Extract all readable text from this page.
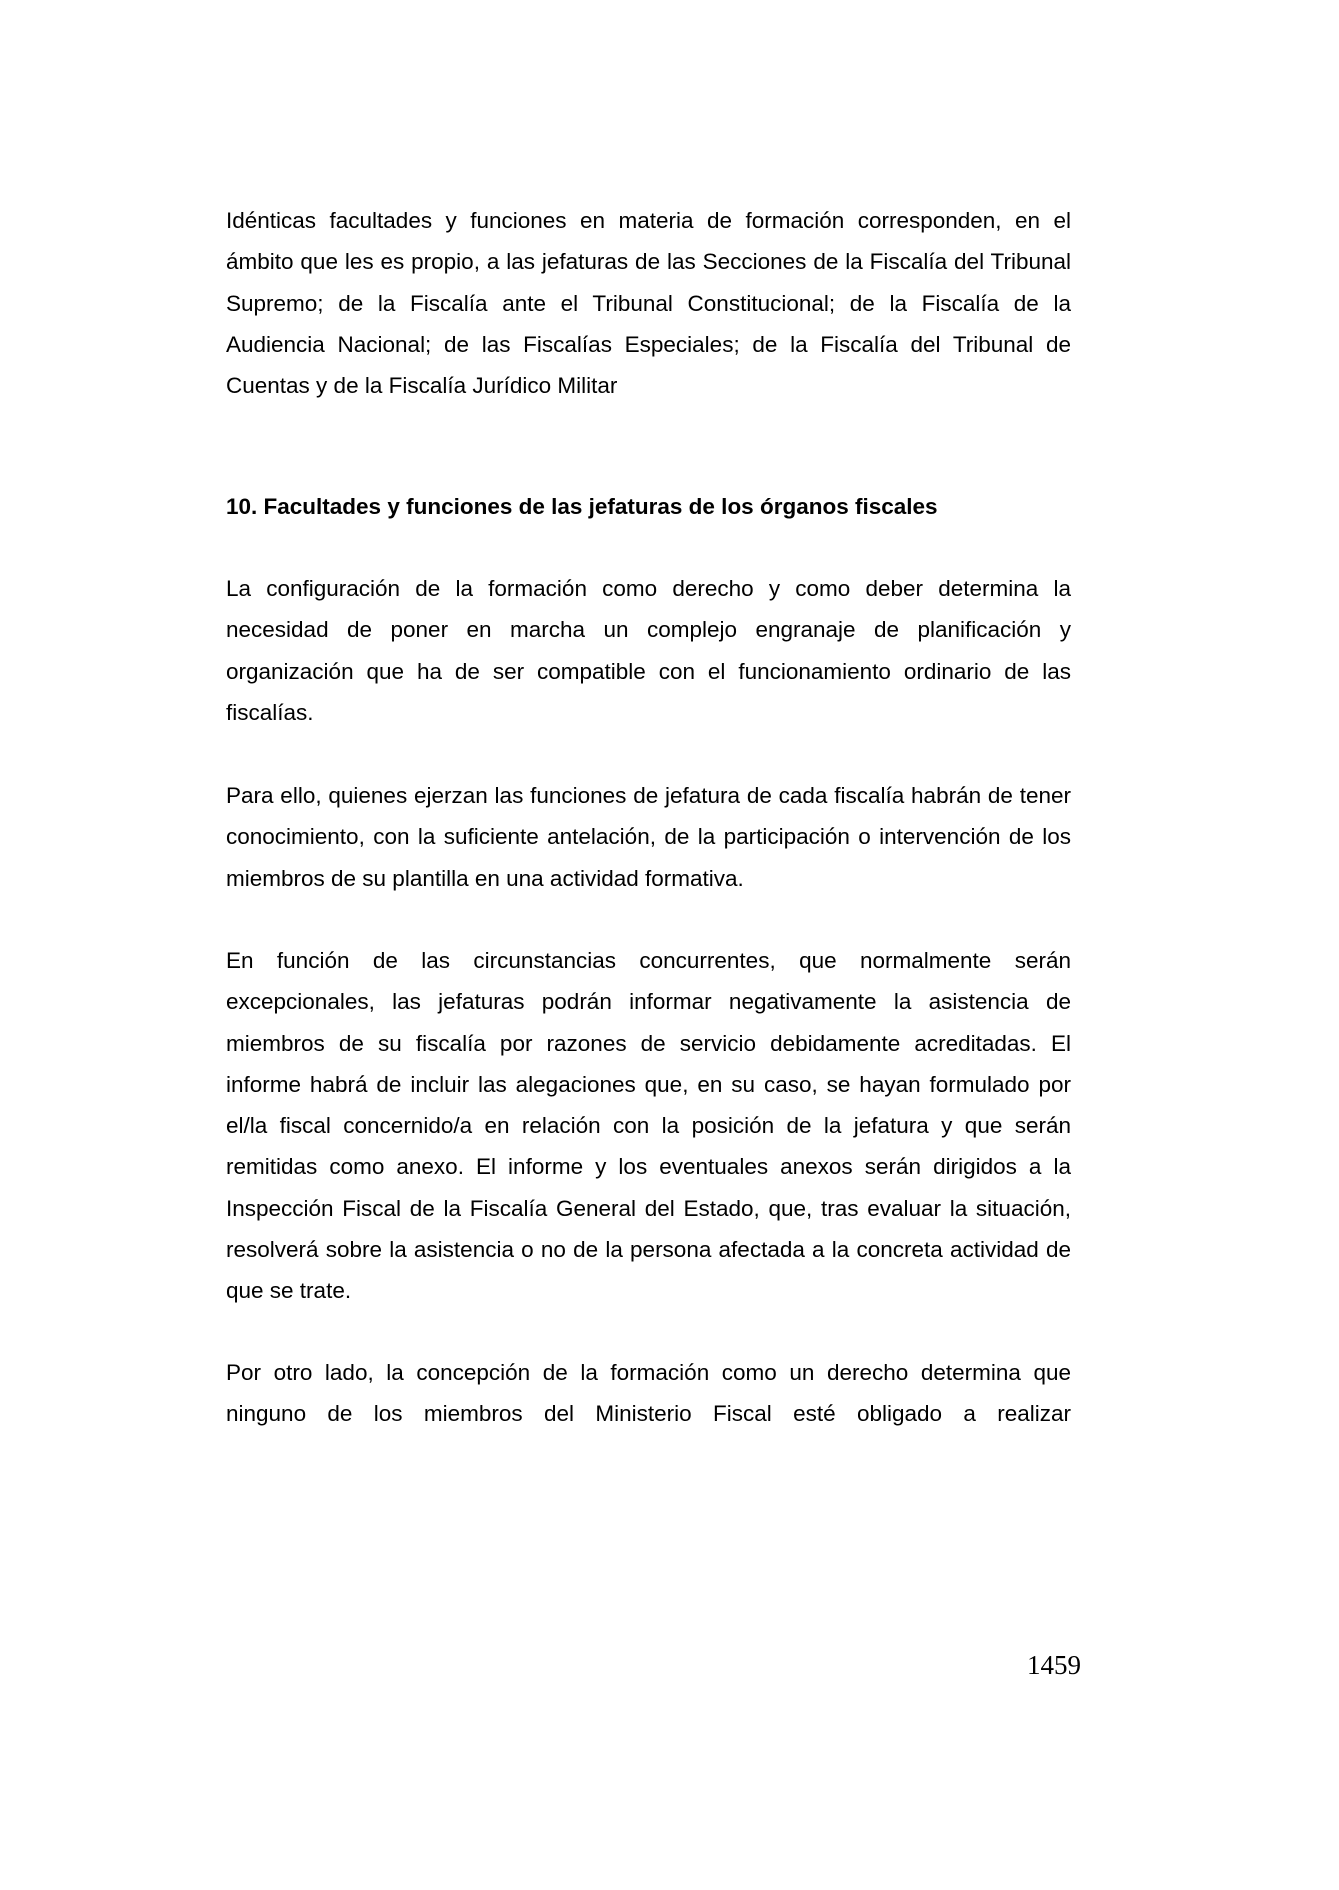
Idénticas facultades y funciones en materia de formación corresponden, en el ámbito que les es propio, a las jefaturas de las Secciones de la Fiscalía del Tribunal Supremo; de la Fiscalía ante el Tribunal Constitucional; de la Fiscalía de la Audiencia Nacional; de las Fiscalías Especiales; de la Fiscalía del Tribunal de Cuentas y de la Fiscalía Jurídico Militar

10. Facultades y funciones de las jefaturas de los órganos fiscales

La configuración de la formación como derecho y como deber determina la necesidad de poner en marcha un complejo engranaje de planificación y organización que ha de ser compatible con el funcionamiento ordinario de las fiscalías.

Para ello, quienes ejerzan las funciones de jefatura de cada fiscalía habrán de tener conocimiento, con la suficiente antelación, de la participación o intervención de los miembros de su plantilla en una actividad formativa.

En función de las circunstancias concurrentes, que normalmente serán excepcionales, las jefaturas podrán informar negativamente la asistencia de miembros de su fiscalía por razones de servicio debidamente acreditadas. El informe habrá de incluir las alegaciones que, en su caso, se hayan formulado por el/la fiscal concernido/a en relación con la posición de la jefatura y que serán remitidas como anexo. El informe y los eventuales anexos serán dirigidos a la Inspección Fiscal de la Fiscalía General del Estado, que, tras evaluar la situación, resolverá sobre la asistencia o no de la persona afectada a la concreta actividad de que se trate.

Por otro lado, la concepción de la formación como un derecho determina que ninguno de los miembros del Ministerio Fiscal esté obligado a realizar

1459
